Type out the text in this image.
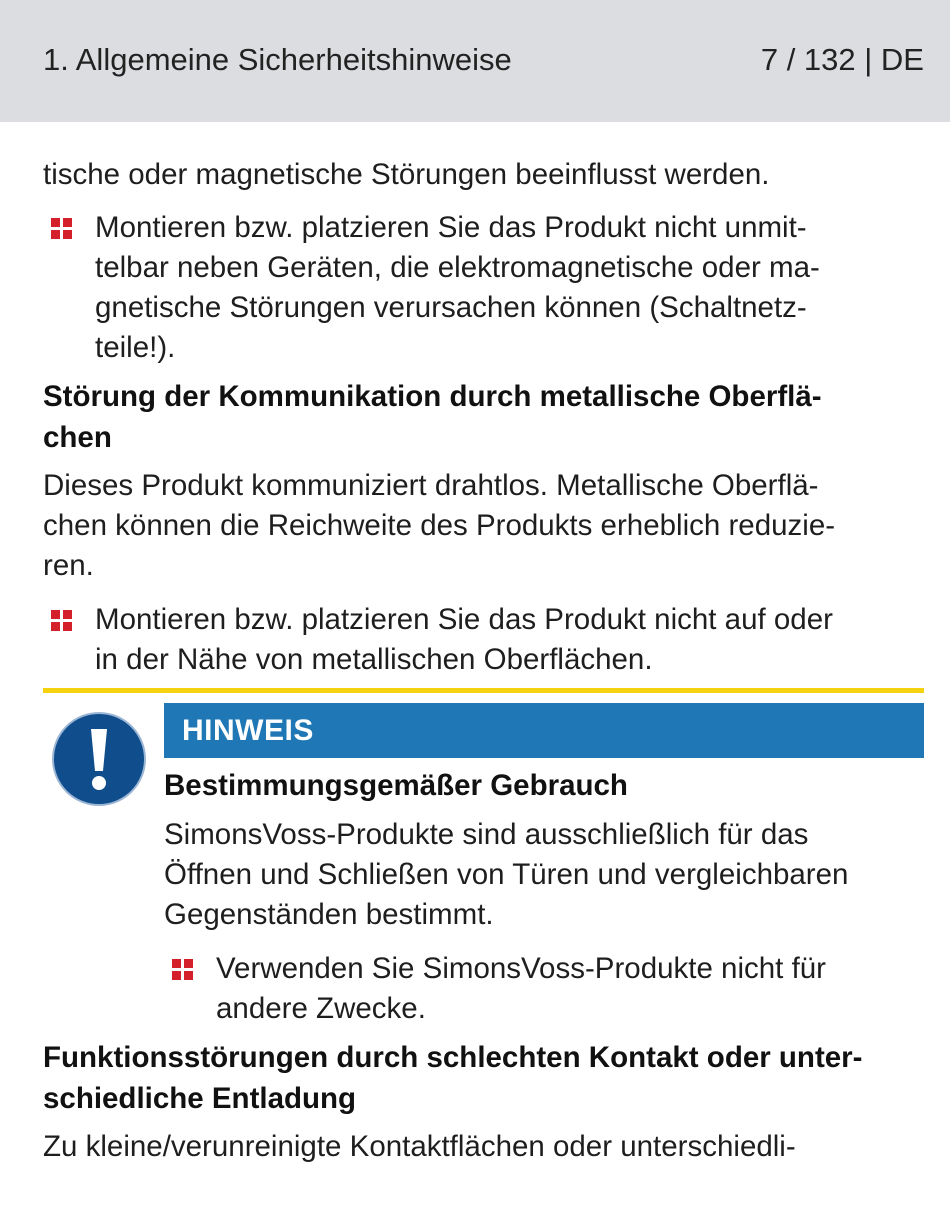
1. Allgemeine Sicherheitshinweise	7 / 132 | DE
tische oder magnetische Störungen beeinflusst werden.
Montieren bzw. platzieren Sie das Produkt nicht unmit-
telbar neben Geräten, die elektromagnetische oder ma-
gnetische Störungen verursachen können (Schaltnetz-
teile!).
Störung der Kommunikation durch metallische Oberflä-
chen
Dieses Produkt kommuniziert drahtlos. Metallische Oberflä-
chen können die Reichweite des Produkts erheblich reduzie-
ren.
Montieren bzw. platzieren Sie das Produkt nicht auf oder
in der Nähe von metallischen Oberflächen.
HINWEIS
Bestimmungsgemäßer Gebrauch
SimonsVoss-Produkte sind ausschließlich für das
Öffnen und Schließen von Türen und vergleichbaren
Gegenständen bestimmt.
Verwenden Sie SimonsVoss-Produkte nicht für
andere Zwecke.
Funktionsstörungen durch schlechten Kontakt oder unter-
schiedliche Entladung
Zu kleine/verunreinigte Kontaktflächen oder unterschiedli-
